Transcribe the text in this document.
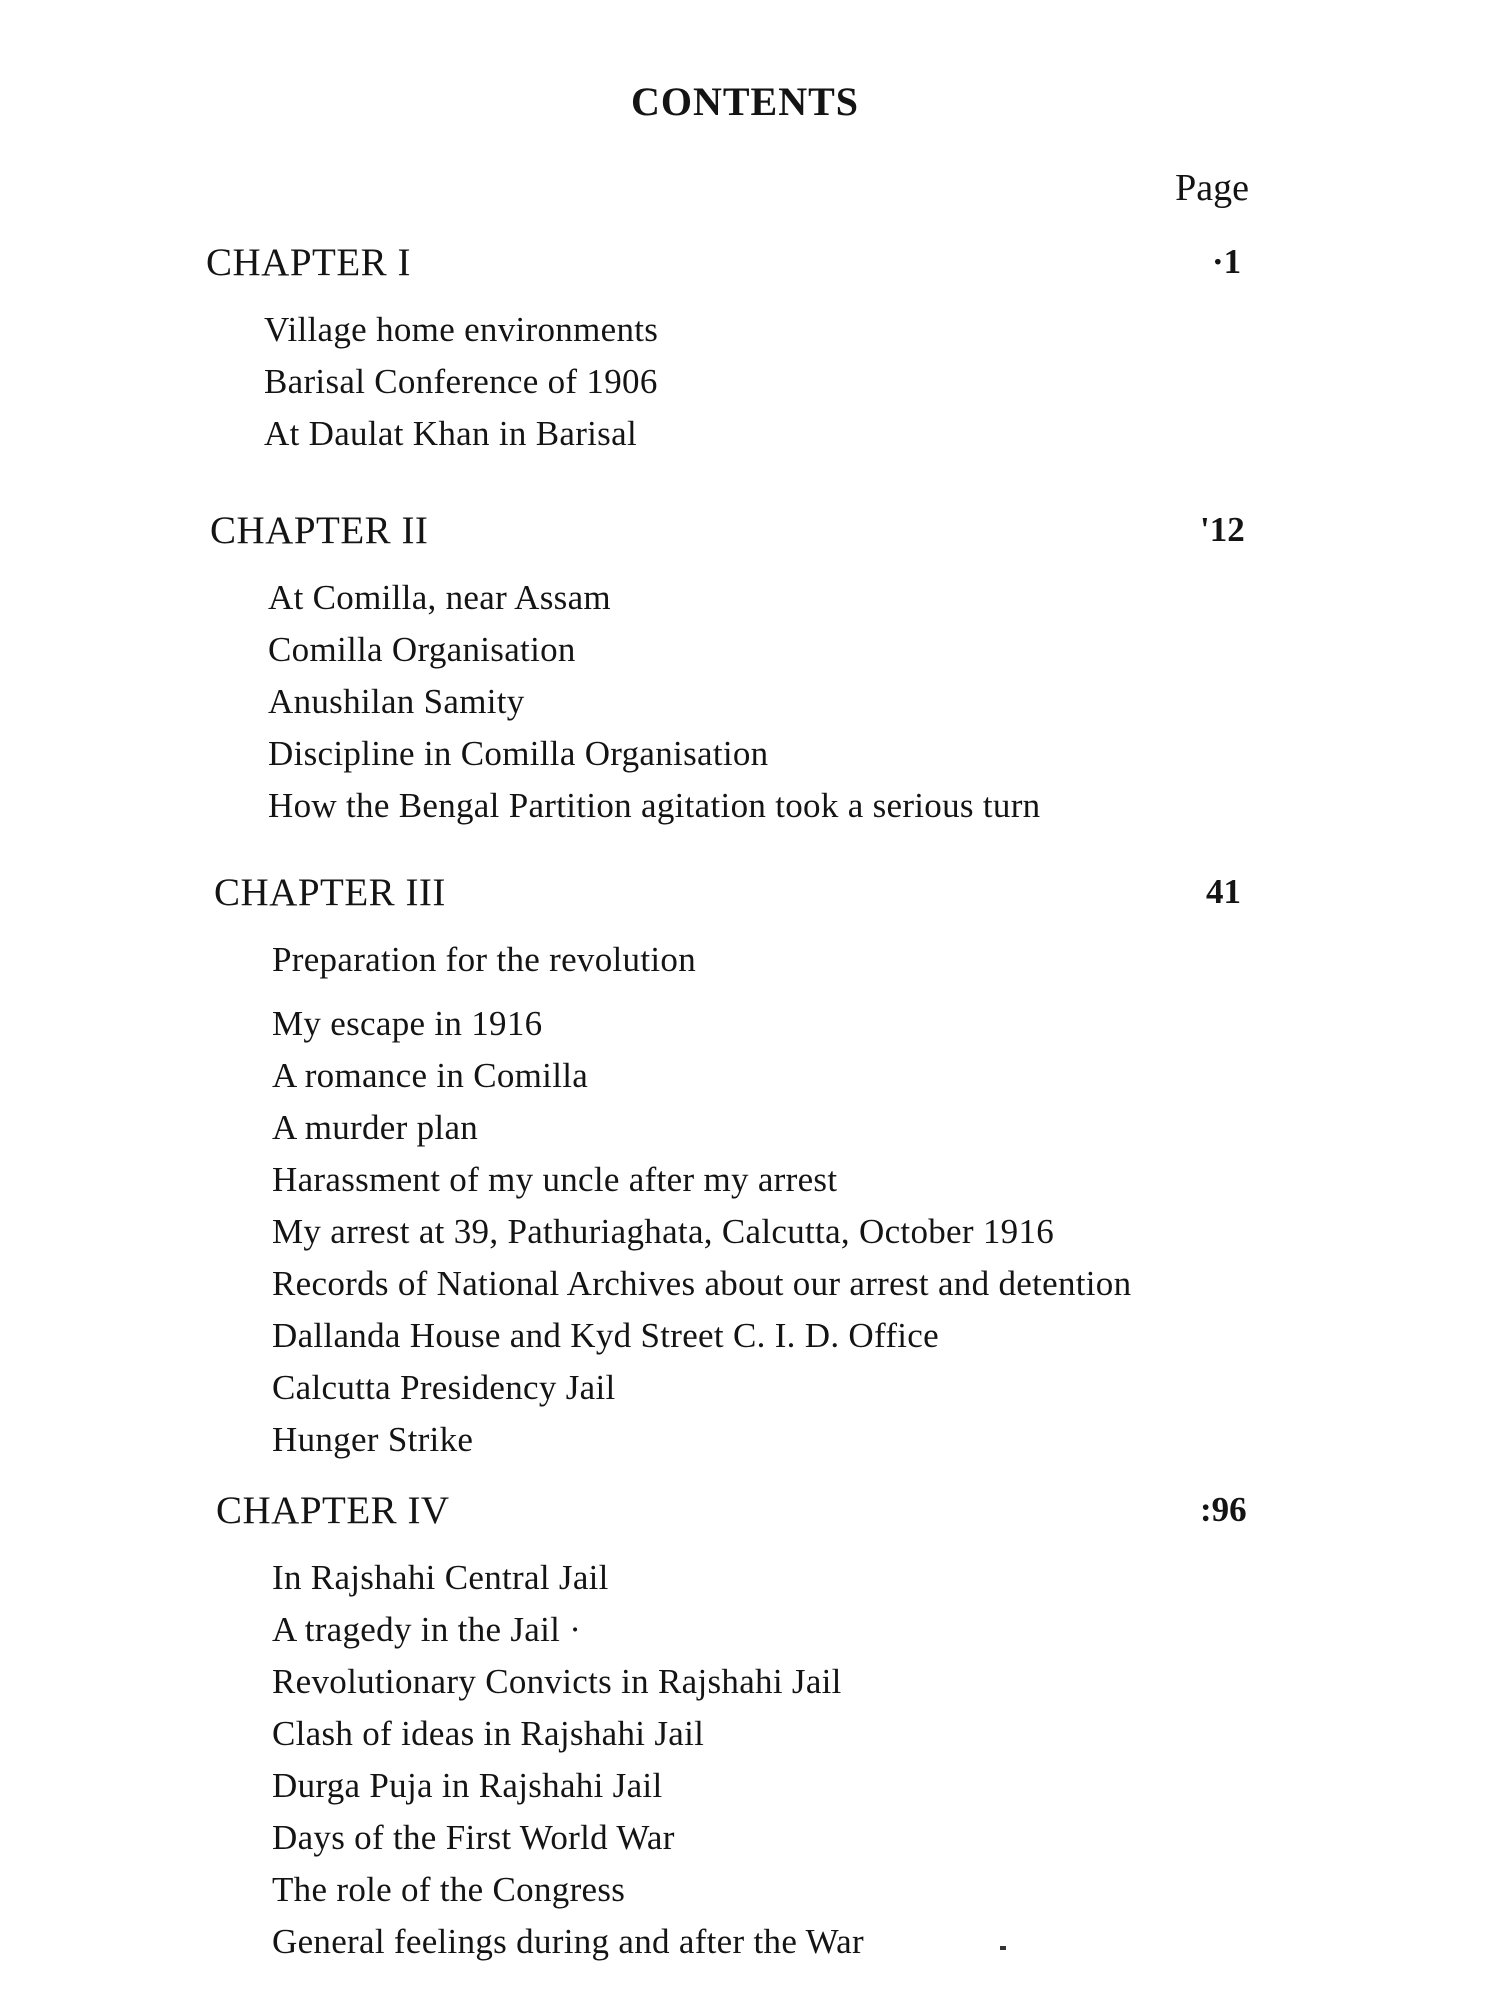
CONTENTS
Page
CHAPTER I	·1
Village home environments
Barisal Conference of 1906
At Daulat Khan in Barisal
CHAPTER II	'12
At Comilla, near Assam
Comilla Organisation
Anushilan Samity
Discipline in Comilla Organisation
How the Bengal Partition agitation took a serious turn
CHAPTER III	41
Preparation for the revolution
My escape in 1916
A romance in Comilla
A murder plan
Harassment of my uncle after my arrest
My arrest at 39, Pathuriaghata, Calcutta, October 1916
Records of National Archives about our arrest and detention
Dallanda House and Kyd Street C. I. D. Office
Calcutta Presidency Jail
Hunger Strike
CHAPTER IV	:96
In Rajshahi Central Jail
A tragedy in the Jail ·
Revolutionary Convicts in Rajshahi Jail
Clash of ideas in Rajshahi Jail
Durga Puja in Rajshahi Jail
Days of the First World War
The role of the Congress
General feelings during and after the War
